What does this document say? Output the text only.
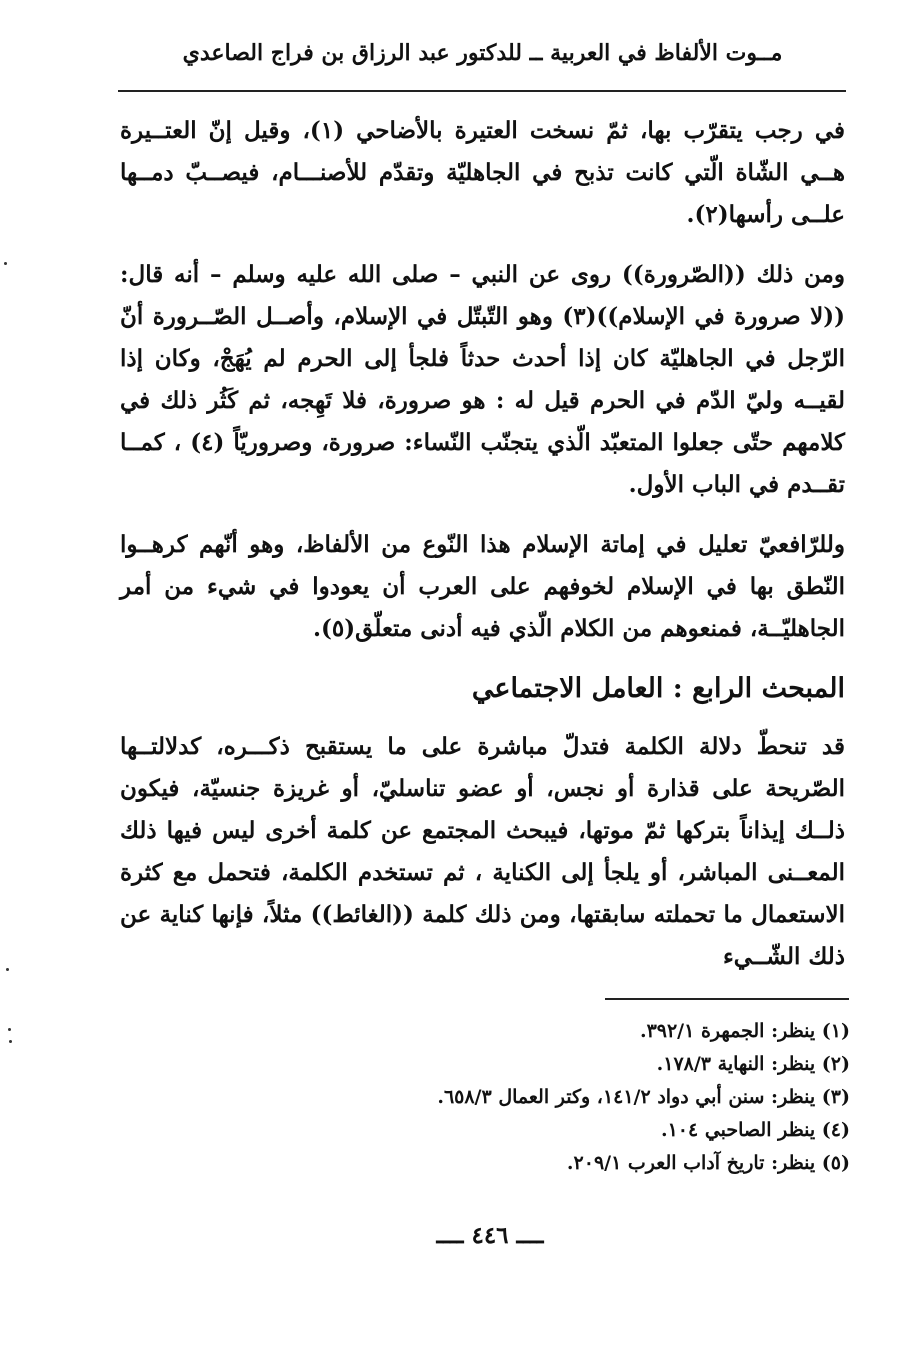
مــوت الألفاظ في العربية ــ للدكتور عبد الرزاق بن فراج الصاعدي

في رجب يتقرّب بها، ثمّ نسخت العتيرة بالأضاحي (١)، وقيل إنّ العتــيرة هــي الشّاة الّتي كانت تذبح في الجاهليّة وتقدّم للأصنـــام، فيصــبّ دمــها علــى رأسها(٢).

ومن ذلك ((الصّرورة)) روى عن النبي – صلى الله عليه وسلم – أنه قال: ((لا صرورة في الإسلام))(٣) وهو التّبتّل في الإسلام، وأصــل الصّــرورة أنّ الرّجل في الجاهليّة كان إذا أحدث حدثاً فلجأ إلى الحرم لم يُهَجْ، وكان إذا لقيــه وليّ الدّم في الحرم قيل له : هو صرورة، فلا تَهِجه، ثم كَثُر ذلك في كلامهم حتّى جعلوا المتعبّد الّذي يتجنّب النّساء: صرورة، وصروريّاً (٤) ، كمــا تقــدم في الباب الأول.

وللرّافعيّ تعليل في إماتة الإسلام هذا النّوع من الألفاظ، وهو أنّهم كرهــوا النّطق بها في الإسلام لخوفهم على العرب أن يعودوا في شيء من أمر الجاهليّــة، فمنعوهم من الكلام الّذي فيه أدنى متعلّق(٥).

المبحث الرابع : العامل الاجتماعي

قد تنحطّ دلالة الكلمة فتدلّ مباشرة على ما يستقبح ذكـــره، كدلالتــها الصّريحة على قذارة أو نجس، أو عضو تناسليّ، أو غريزة جنسيّة، فيكون ذلــك إيذاناً بتركها ثمّ موتها، فيبحث المجتمع عن كلمة أخرى ليس فيها ذلك المعــنى المباشر، أو يلجأ إلى الكناية ، ثم تستخدم الكلمة، فتحمل مع كثرة الاستعمال ما تحملته سابقتها، ومن ذلك كلمة ((الغائط)) مثلاً، فإنها كناية عن ذلك الشّــيء

(١) ينظر: الجمهرة ٣٩٢/١.
(٢) ينظر: النهاية ١٧٨/٣.
(٣) ينظر: سنن أبي دواد ١٤١/٢، وكتر العمال ٦٥٨/٣.
(٤) ينظر الصاحبي ١٠٤.
(٥) ينظر: تاريخ آداب العرب ٢٠٩/١.
ــــ ٤٤٦ ــــ
